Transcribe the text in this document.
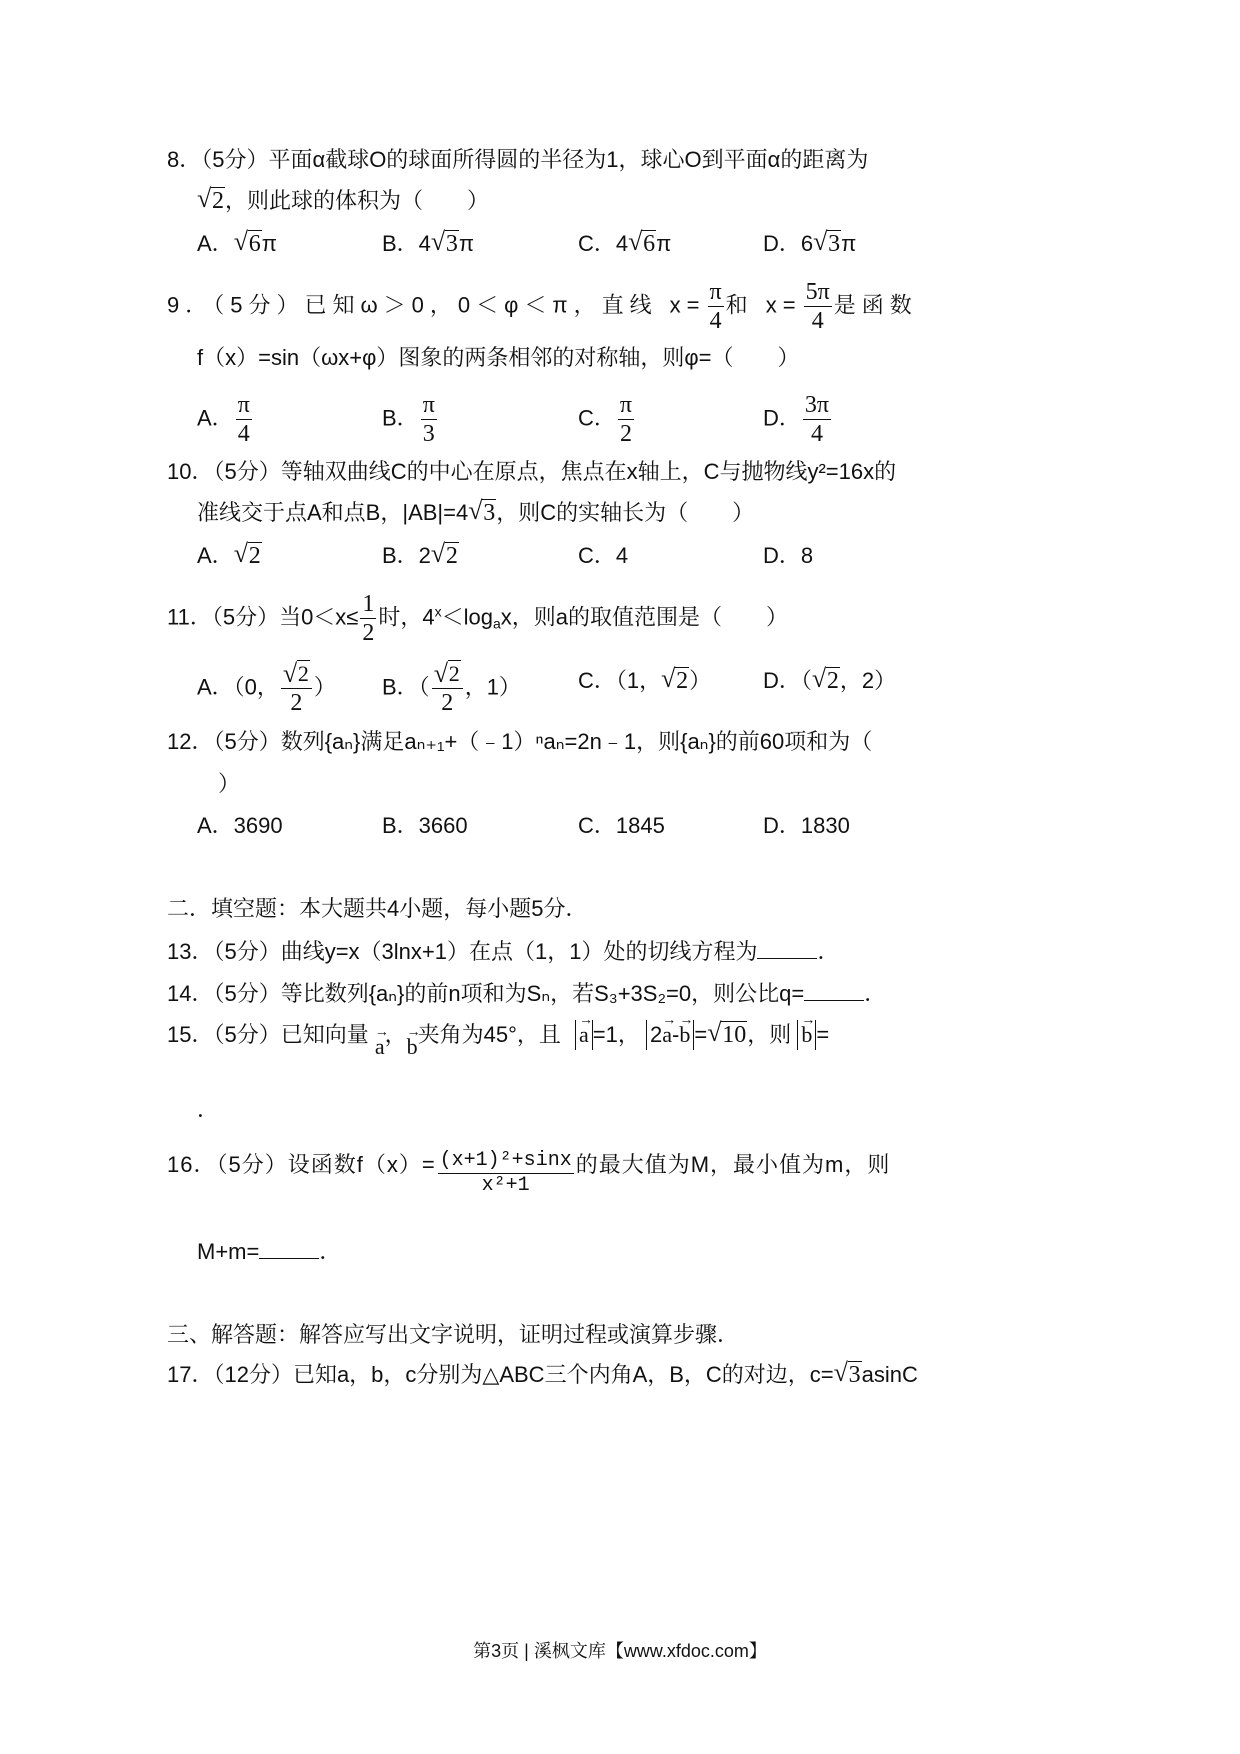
8．（5分）平面α截球O的球面所得圆的半径为1，球心O到平面α的距离为
√ 2，则此球的体积为（　　）
A． √ 6π	B．4 √ 3π	C．4 √ 6π	D．6 √ 3π
9．（5分）已知ω＞0，0＜φ＜π，直线 $x= \frac{\pi}{4}$ 和 $x= \frac{5\pi}{4}$ 是函数
f（x）=sin（ωx+φ）图象的两条相邻的对称轴，则φ=（　　）
A． $\frac{\pi}{4}$	B． $\frac{\pi}{3}$	C． $\frac{\pi}{2}$	D． $\frac{3\pi}{4}$
10．（5分）等轴双曲线C的中心在原点，焦点在x轴上，C与抛物线y²=16x的
准线交于点A和点B，|AB|=4 √ 3，则C的实轴长为（　　）
A． √ 2	B．2 √ 2	C．4	D．8
11．（5分）当$0<x\le \frac{1}{2}$ 时，$4^x<\log_ax$，则a的取值范围是（　　）
A．（0， √ $\frac{2}{2}$ ） B．（ √ $\frac{2}{2}$ ，1）	C．（1， √ 2） D．（ √ 2，2）
12．（5分）数列{aₙ}满足aₙ₊₁+（﹣1）ⁿaₙ=2n﹣1，则{aₙ}的前60项和为（
）
A．3690	B．3660	C．1845	D．1830
二．填空题：本大题共4小题，每小题5分．
13．（5分）曲线y=x（3lnx+1）在点（1，1）处的切线方程为	．
14．（5分）等比数列{aₙ}的前n项和为Sₙ，若S₃+3S₂=0，则公比q=	．
15．（5分）已知向量 a →，b →夹角为45°，且 a → =1， 2a →-b → = √ 10，则 b → =
．
16．（5分）设函数$f(x)= \frac{\text{(x+1)²+sinx}}{\text{x²+1}}$ 的最大值为M，最小值为m，则
M+m=	．
三、解答题：解答应写出文字说明，证明过程或演算步骤．
17．（12分）已知a，b，c分别为△ABC三个内角A，B，C的对边，c= √ 3asinC
第3页 | 溪枫文库【www.xfdoc.com】
